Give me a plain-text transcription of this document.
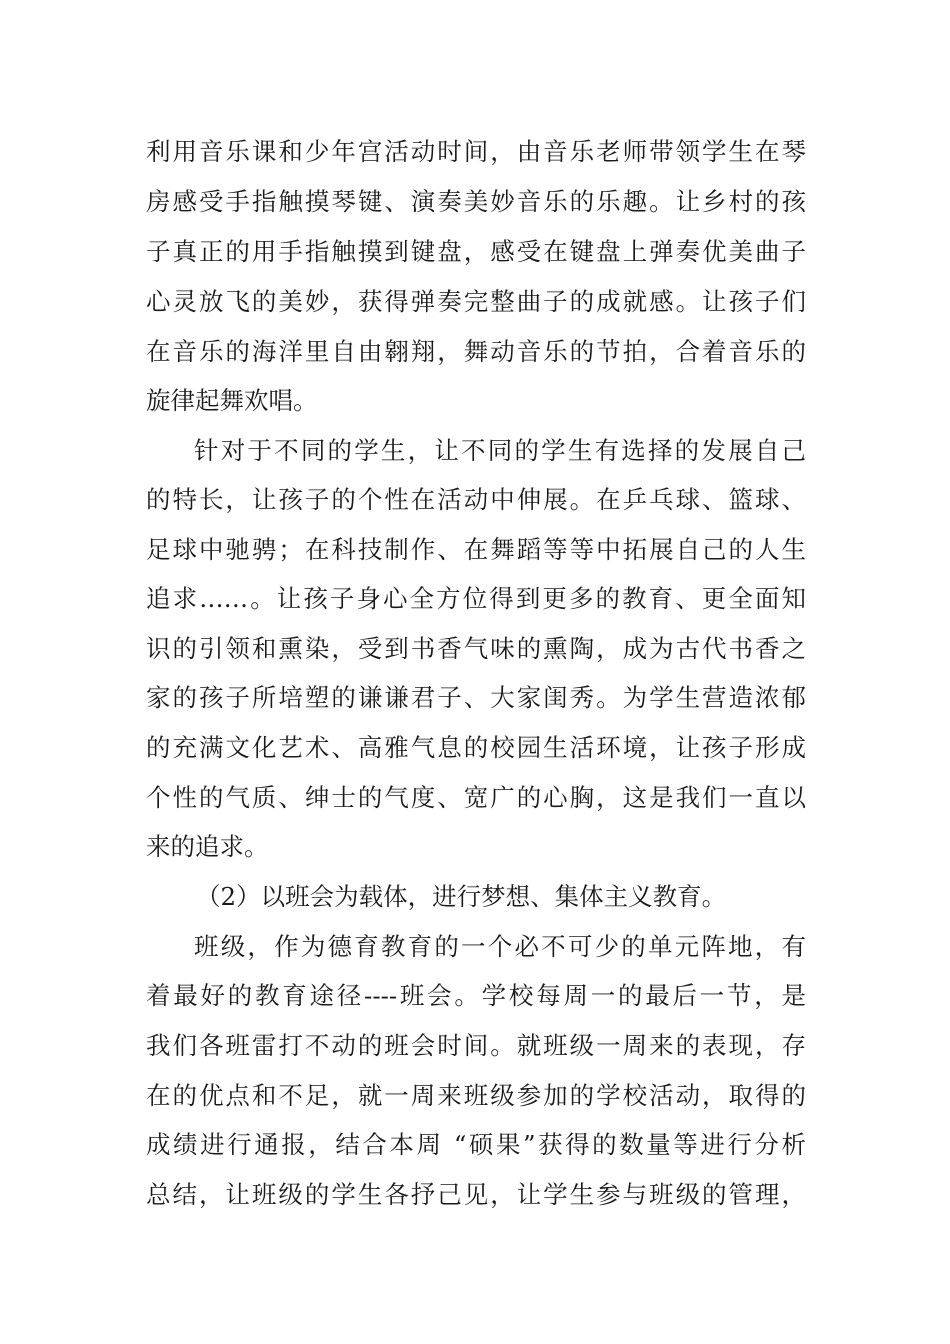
利用音乐课和少年宫活动时间，由音乐老师带领学生在琴
房感受手指触摸琴键、演奏美妙音乐的乐趣。让乡村的孩
子真正的用手指触摸到键盘，感受在键盘上弹奏优美曲子
心灵放飞的美妙，获得弹奏完整曲子的成就感。让孩子们
在音乐的海洋里自由翱翔，舞动音乐的节拍，合着音乐的
旋律起舞欢唱。
针对于不同的学生，让不同的学生有选择的发展自己
的特长，让孩子的个性在活动中伸展。在乒乓球、篮球、
足球中驰骋；在科技制作、在舞蹈等等中拓展自己的人生
追求……。让孩子身心全方位得到更多的教育、更全面知
识的引领和熏染，受到书香气味的熏陶，成为古代书香之
家的孩子所培塑的谦谦君子、大家闺秀。为学生营造浓郁
的充满文化艺术、高雅气息的校园生活环境，让孩子形成
个性的气质、绅士的气度、宽广的心胸，这是我们一直以
来的追求。
（2）以班会为载体，进行梦想、集体主义教育。
班级，作为德育教育的一个必不可少的单元阵地，有
着最好的教育途径----班会。学校每周一的最后一节，是
我们各班雷打不动的班会时间。就班级一周来的表现，存
在的优点和不足，就一周来班级参加的学校活动，取得的
成绩进行通报，结合本周 “硕果”获得的数量等进行分析
总结，让班级的学生各抒己见，让学生参与班级的管理，
